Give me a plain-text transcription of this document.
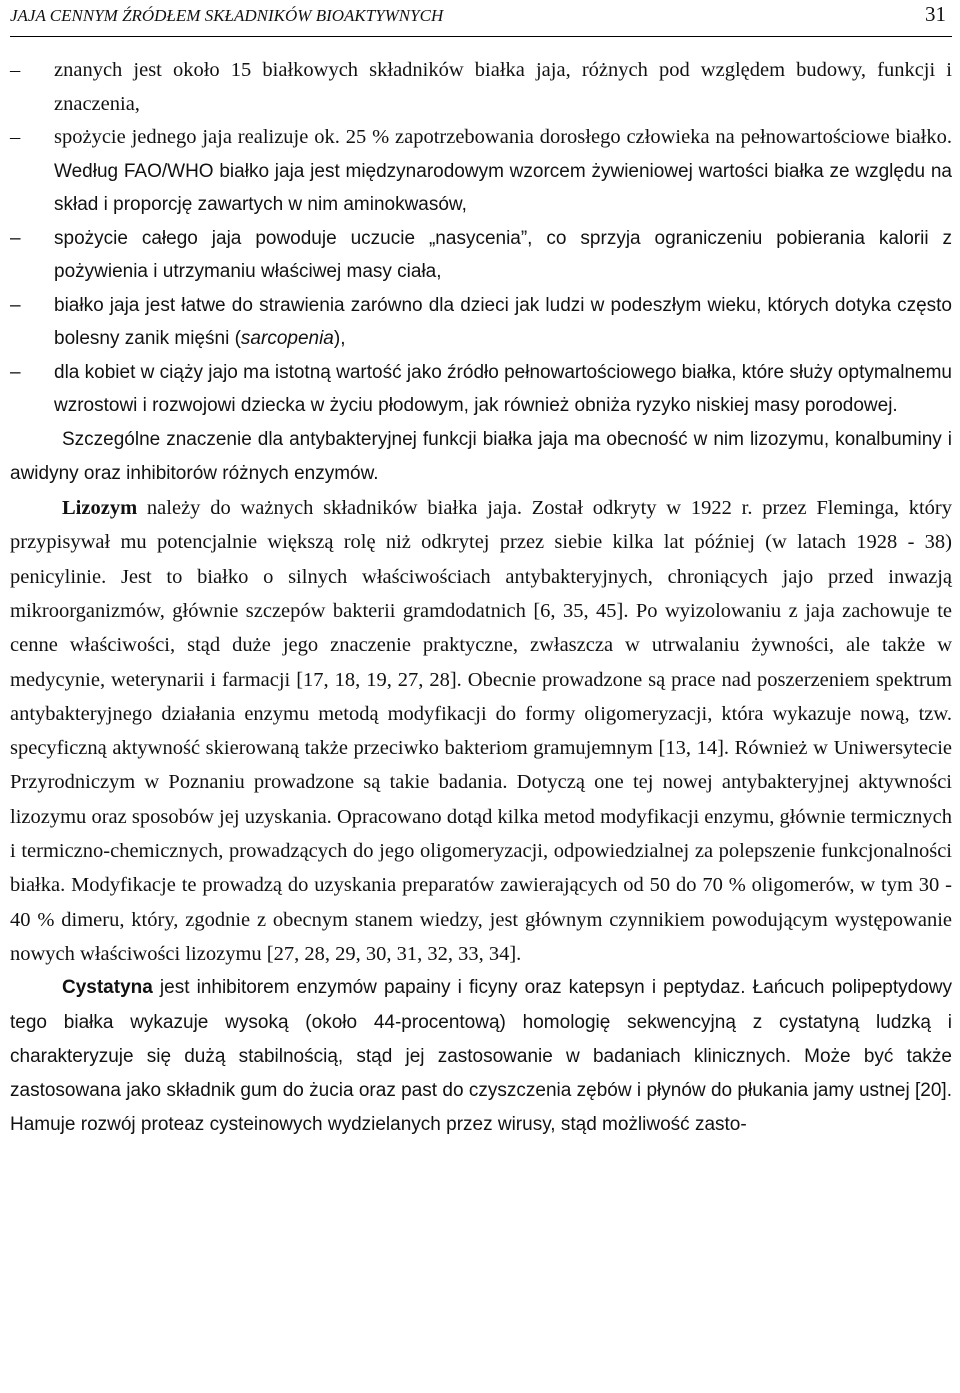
JAJA CENNYM ŹRÓDŁEM SKŁADNIKÓW BIOAKTYWNYCH	31
– znanych jest około 15 białkowych składników białka jaja, różnych pod względem budowy, funkcji i znaczenia,
– spożycie jednego jaja realizuje ok. 25 % zapotrzebowania dorosłego człowieka na pełnowartościowe białko. Według FAO/WHO białko jaja jest międzynarodowym wzorcem żywieniowej wartości białka ze względu na skład i proporcję zawartych w nim aminokwasów,
– spożycie całego jaja powoduje uczucie „nasycenia”, co sprzyja ograniczeniu pobierania kalorii z pożywienia i utrzymaniu właściwej masy ciała,
– białko jaja jest łatwe do strawienia zarówno dla dzieci jak ludzi w podeszłym wieku, których dotyka często bolesny zanik mięśni (sarcopenia),
– dla kobiet w ciąży jajo ma istotną wartość jako źródło pełnowartościowego białka, które służy optymalnemu wzrostowi i rozwojowi dziecka w życiu płodowym, jak również obniża ryzyko niskiej masy porodowej.

Szczególne znaczenie dla antybakteryjnej funkcji białka jaja ma obecność w nim lizozymu, konalbuminy i awidyny oraz inhibitorów różnych enzymów.

Lizozym należy do ważnych składników białka jaja. Został odkryty w 1922 r. przez Fleminga, który przypisywał mu potencjalnie większą rolę niż odkrytej przez siebie kilka lat później (w latach 1928 - 38) penicylinie. Jest to białko o silnych właściwościach antybakteryjnych, chroniących jajo przed inwazją mikroorganizmów, głównie szczepów bakterii gramdodatnich [6, 35, 45]. Po wyizolowaniu z jaja zachowuje te cenne właściwości, stąd duże jego znaczenie praktyczne, zwłaszcza w utrwalaniu żywności, ale także w medycynie, weterynarii i farmacji [17, 18, 19, 27, 28]. Obecnie prowadzone są prace nad poszerzeniem spektrum antybakteryjnego działania enzymu metodą modyfikacji do formy oligomeryzacji, która wykazuje nową, tzw. specyficzną aktywność skierowaną także przeciwko bakteriom gramujemnym [13, 14]. Również w Uniwersytecie Przyrodniczym w Poznaniu prowadzone są takie badania. Dotyczą one tej nowej antybakteryjnej aktywności lizozymu oraz sposobów jej uzyskania. Opracowano dotąd kilka metod modyfikacji enzymu, głównie termicznych i termiczno-chemicznych, prowadzących do jego oligomeryzacji, odpowiedzialnej za polepszenie funkcjonalności białka. Modyfikacje te prowadzą do uzyskania preparatów zawierających od 50 do 70 % oligomerów, w tym 30 - 40 % dimeru, który, zgodnie z obecnym stanem wiedzy, jest głównym czynnikiem powodującym występowanie nowych właściwości lizozymu [27, 28, 29, 30, 31, 32, 33, 34].

Cystatyna jest inhibitorem enzymów papainy i ficyny oraz katepsyn i peptydaz. Łańcuch polipeptydowy tego białka wykazuje wysoką (około 44-procentową) homologię sekwencyjną z cystatyną ludzką i charakteryzuje się dużą stabilnością, stąd jej zastosowanie w badaniach klinicznych. Może być także zastosowana jako składnik gum do żucia oraz past do czyszczenia zębów i płynów do płukania jamy ustnej [20]. Hamuje rozwój proteaz cysteinowych wydzielanych przez wirusy, stąd możliwość zasto-
